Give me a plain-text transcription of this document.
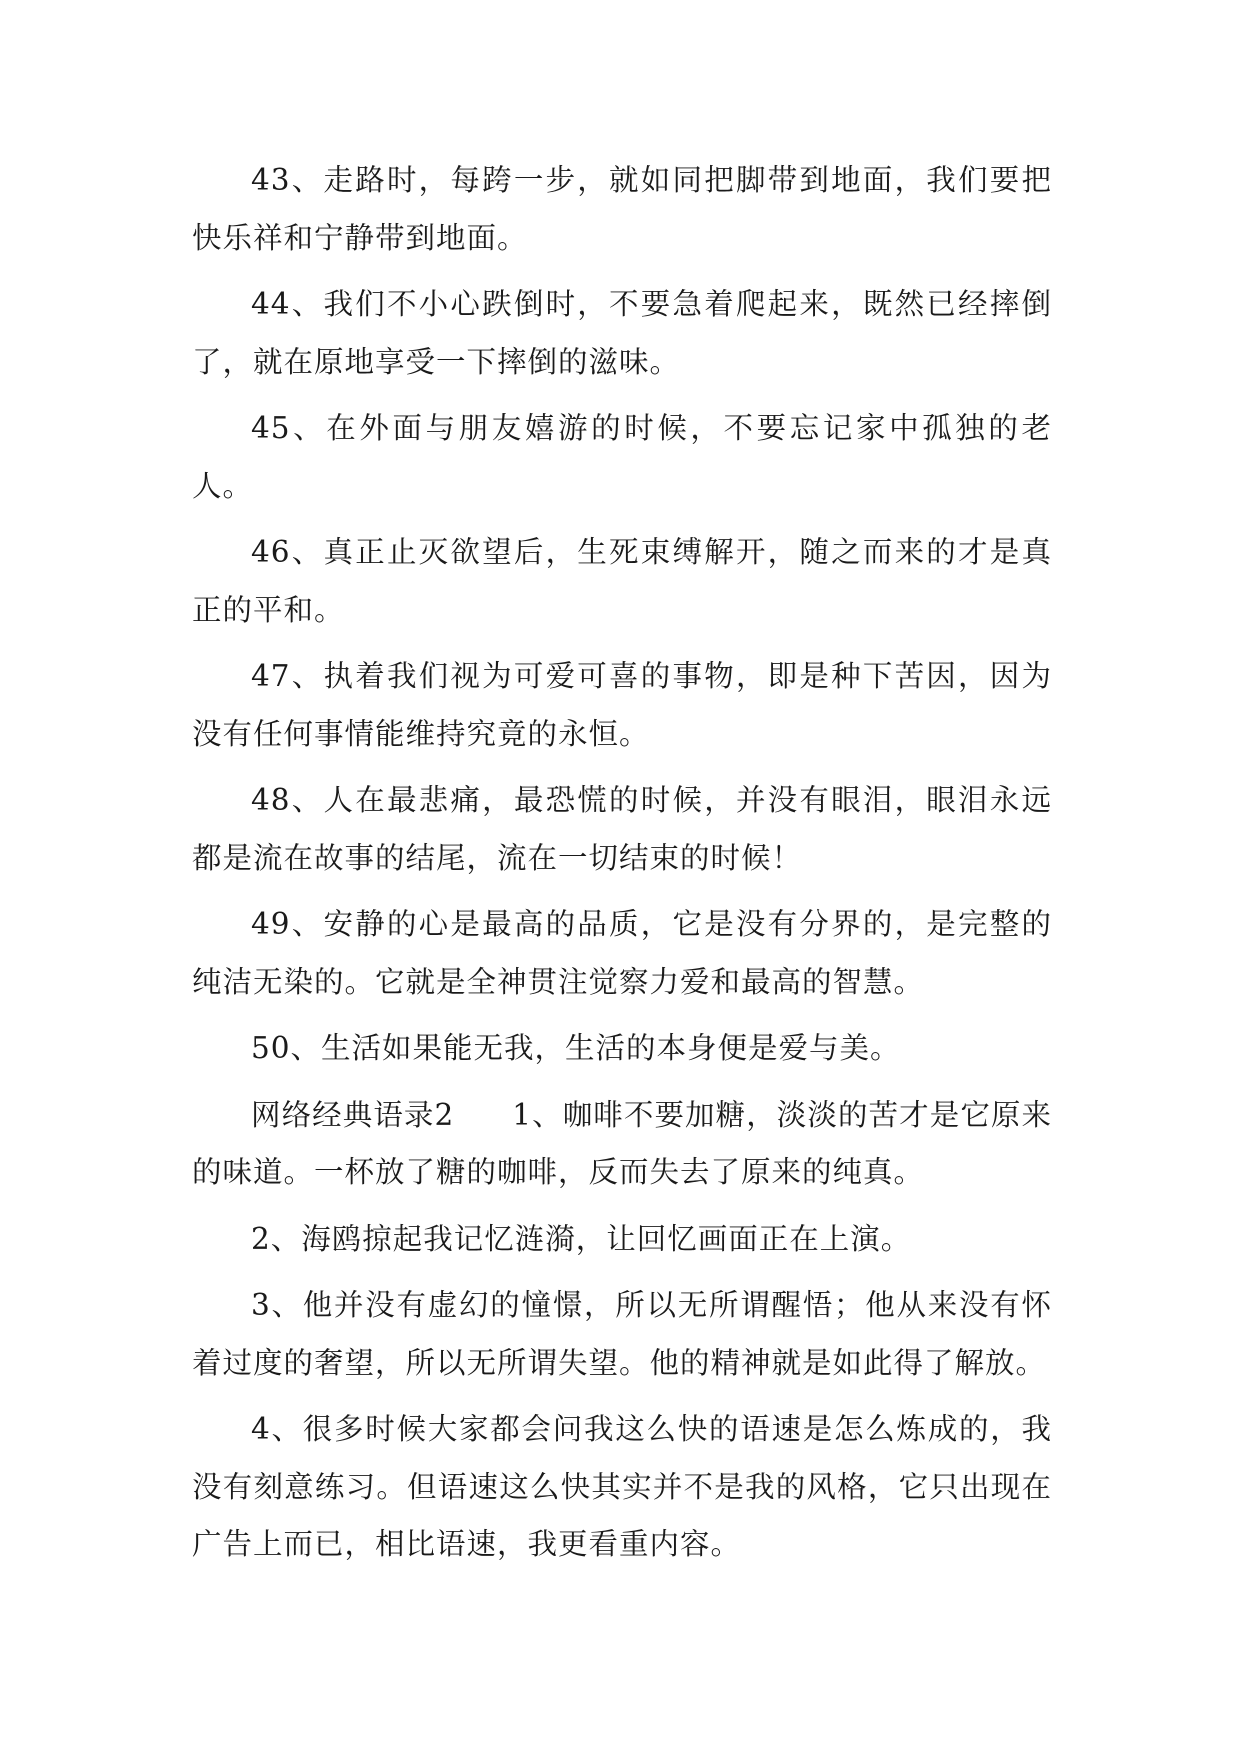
43、走路时，每跨一步，就如同把脚带到地面，我们要把快乐祥和宁静带到地面。

44、我们不小心跌倒时，不要急着爬起来，既然已经摔倒了，就在原地享受一下摔倒的滋味。

45、在外面与朋友嬉游的时候，不要忘记家中孤独的老人。

46、真正止灭欲望后，生死束缚解开，随之而来的才是真正的平和。

47、执着我们视为可爱可喜的事物，即是种下苦因，因为没有任何事情能维持究竟的永恒。

48、人在最悲痛，最恐慌的时候，并没有眼泪，眼泪永远都是流在故事的结尾，流在一切结束的时候！

49、安静的心是最高的品质，它是没有分界的，是完整的纯洁无染的。它就是全神贯注觉察力爱和最高的智慧。

50、生活如果能无我，生活的本身便是爱与美。

网络经典语录2 1、咖啡不要加糖，淡淡的苦才是它原来的味道。一杯放了糖的咖啡，反而失去了原来的纯真。

2、海鸥掠起我记忆涟漪，让回忆画面正在上演。

3、他并没有虚幻的憧憬，所以无所谓醒悟；他从来没有怀着过度的奢望，所以无所谓失望。他的精神就是如此得了解放。

4、很多时候大家都会问我这么快的语速是怎么炼成的，我没有刻意练习。但语速这么快其实并不是我的风格，它只出现在广告上而已，相比语速，我更看重内容。
